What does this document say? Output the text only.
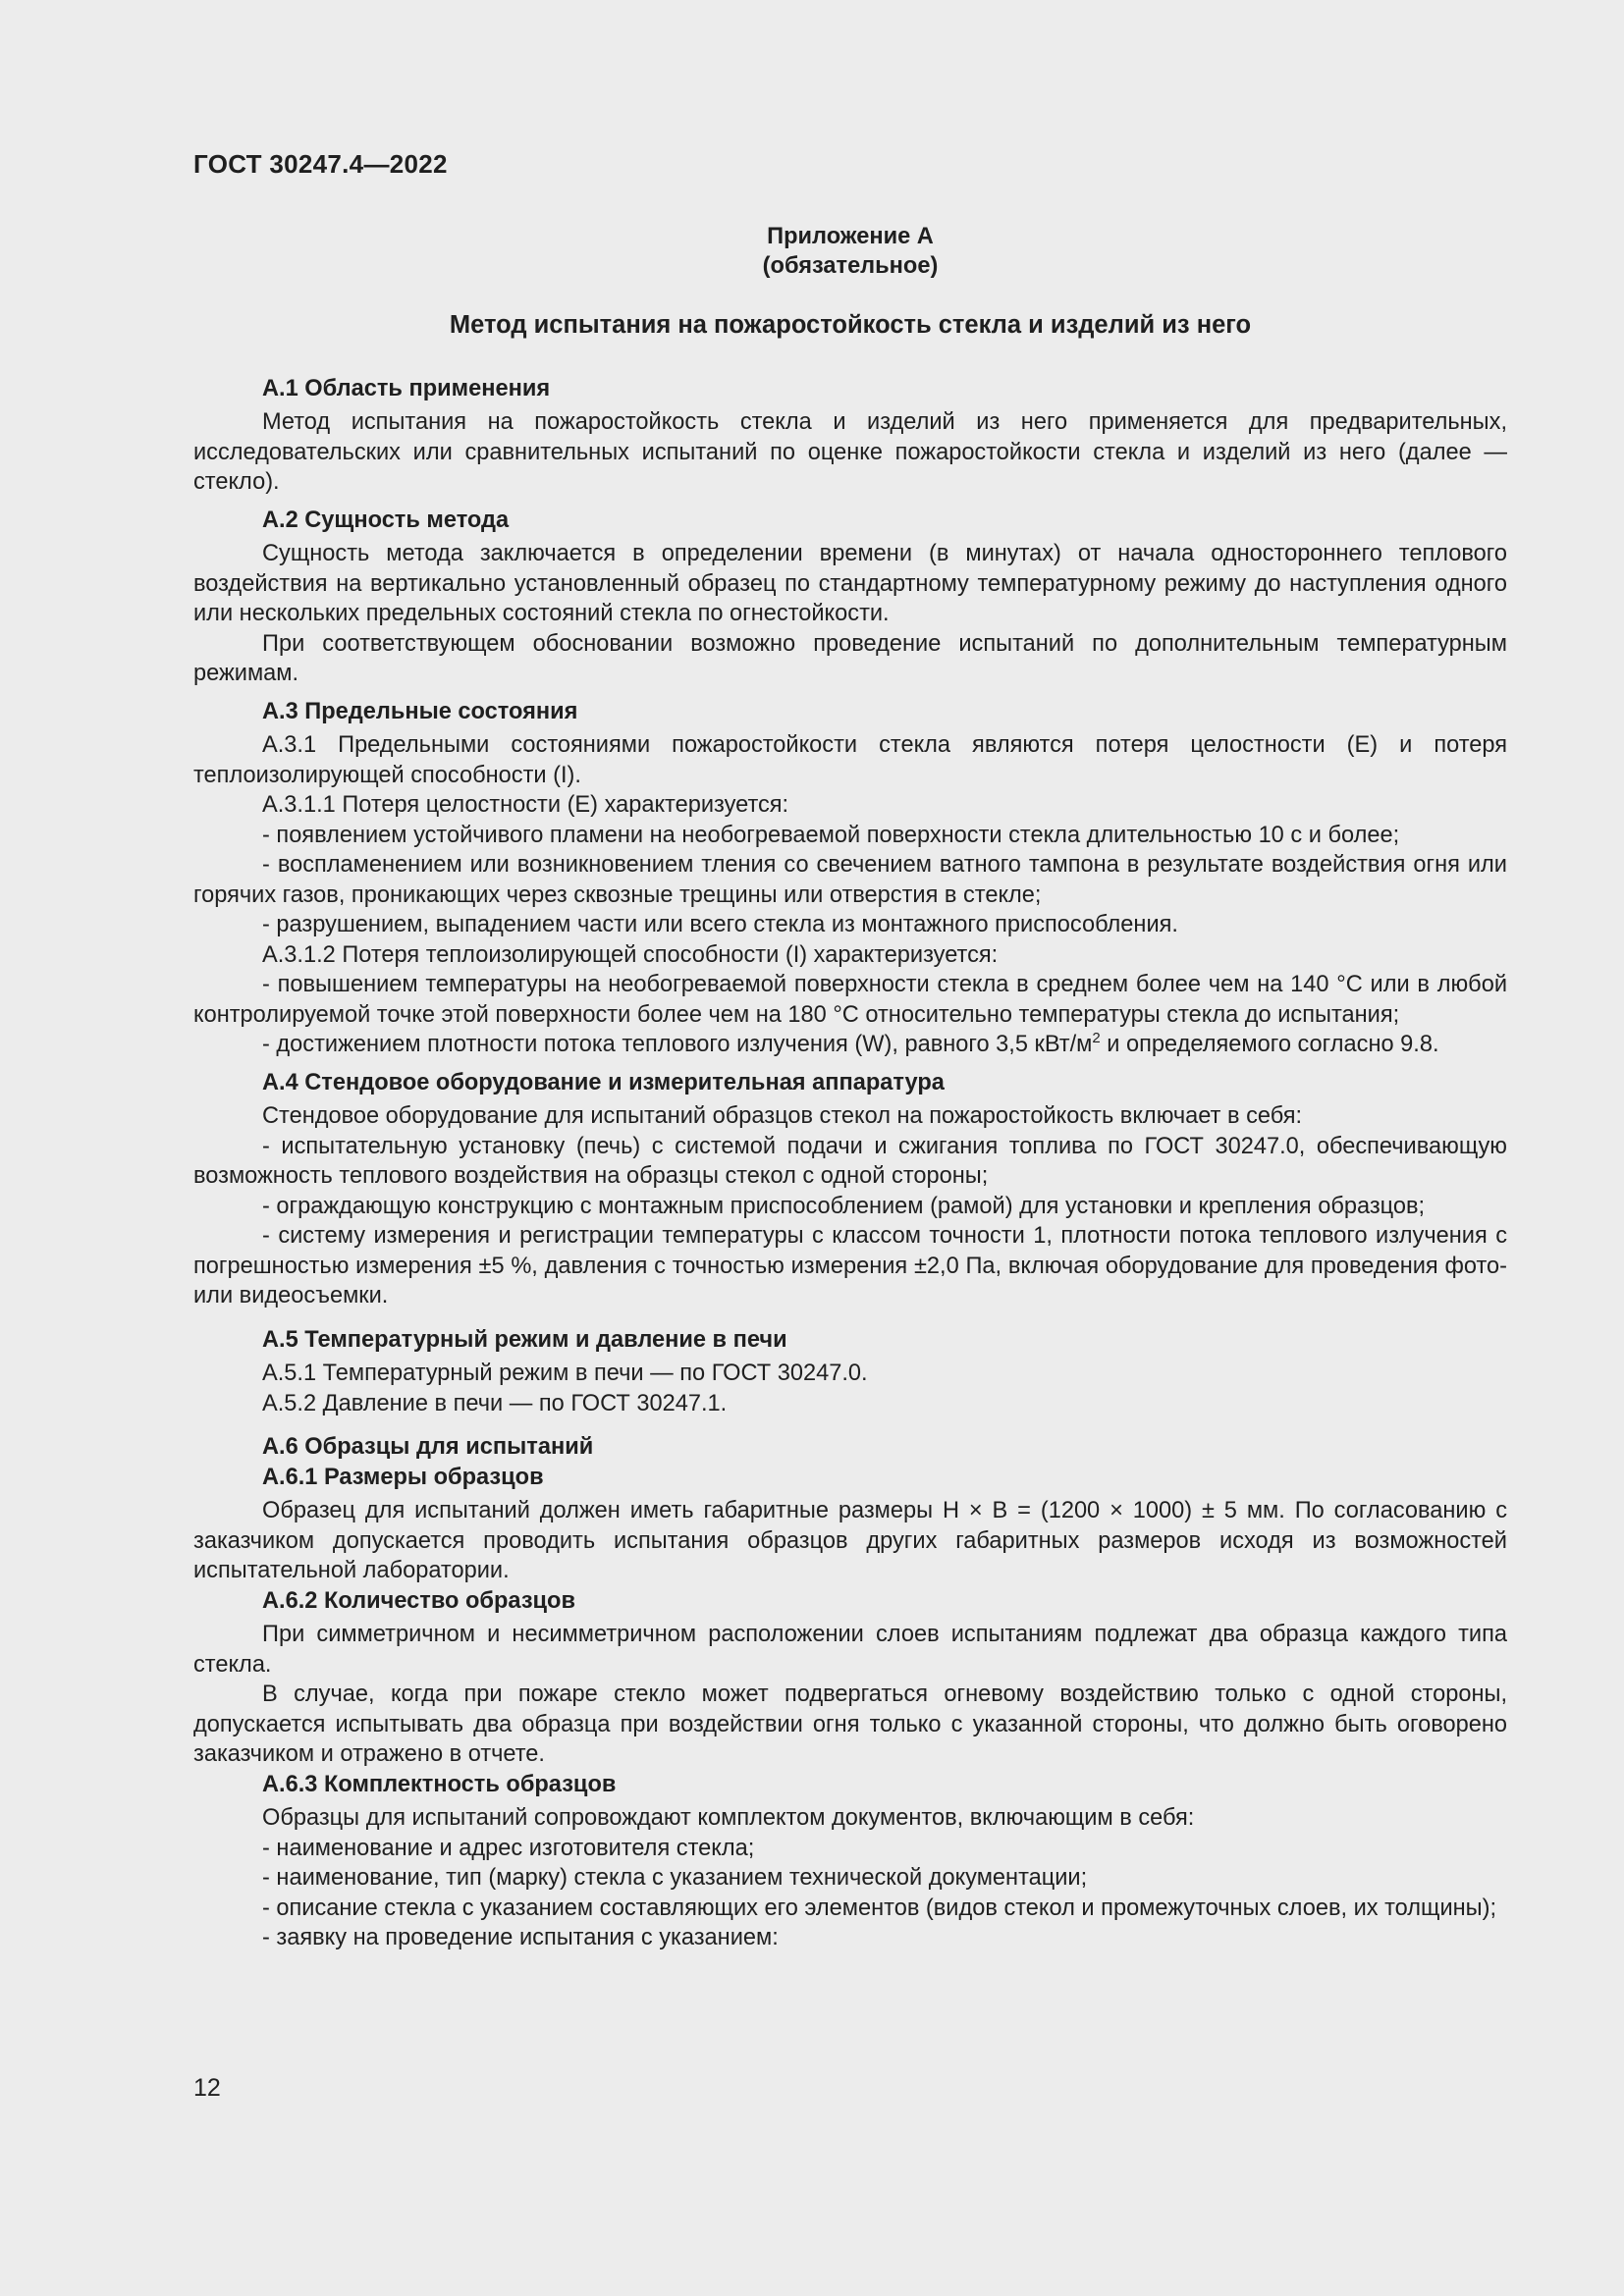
ГОСТ 30247.4—2022
Приложение А
(обязательное)
Метод испытания на пожаростойкость стекла и изделий из него

А.1 Область применения

Метод испытания на пожаростойкость стекла и изделий из него применяется для предварительных, исследовательских или сравнительных испытаний по оценке пожаростойкости стекла и изделий из него (далее — стекло).

А.2 Сущность метода

Сущность метода заключается в определении времени (в минутах) от начала одностороннего теплового воздействия на вертикально установленный образец по стандартному температурному режиму до наступления одного или нескольких предельных состояний стекла по огнестойкости.

При соответствующем обосновании возможно проведение испытаний по дополнительным температурным режимам.

А.3 Предельные состояния

А.3.1 Предельными состояниями пожаростойкости стекла являются потеря целостности (E) и потеря теплоизолирующей способности (I).

А.3.1.1 Потеря целостности (E) характеризуется:

- появлением устойчивого пламени на необогреваемой поверхности стекла длительностью 10 с и более;

- воспламенением или возникновением тления со свечением ватного тампона в результате воздействия огня или горячих газов, проникающих через сквозные трещины или отверстия в стекле;

- разрушением, выпадением части или всего стекла из монтажного приспособления.

А.3.1.2 Потеря теплоизолирующей способности (I) характеризуется:

- повышением температуры на необогреваемой поверхности стекла в среднем более чем на 140 °С или в любой контролируемой точке этой поверхности более чем на 180 °С относительно температуры стекла до испытания;

- достижением плотности потока теплового излучения (W), равного 3,5 кВт/$м^2$ и определяемого согласно 9.8.

А.4 Стендовое оборудование и измерительная аппаратура

Стендовое оборудование для испытаний образцов стекол на пожаростойкость включает в себя:

- испытательную установку (печь) с системой подачи и сжигания топлива по ГОСТ 30247.0, обеспечивающую возможность теплового воздействия на образцы стекол с одной стороны;

- ограждающую конструкцию с монтажным приспособлением (рамой) для установки и крепления образцов;

- систему измерения и регистрации температуры с классом точности 1, плотности потока теплового излучения с погрешностью измерения ±5 %, давления с точностью измерения ±2,0 Па, включая оборудование для проведения фото- или видеосъемки.

А.5 Температурный режим и давление в печи

А.5.1 Температурный режим в печи — по ГОСТ 30247.0.

А.5.2 Давление в печи — по ГОСТ 30247.1.

А.6 Образцы для испытаний

А.6.1 Размеры образцов

Образец для испытаний должен иметь габаритные размеры H × B = (1200 × 1000) ± 5 мм. По согласованию с заказчиком допускается проводить испытания образцов других габаритных размеров исходя из возможностей испытательной лаборатории.

А.6.2 Количество образцов

При симметричном и несимметричном расположении слоев испытаниям подлежат два образца каждого типа стекла.

В случае, когда при пожаре стекло может подвергаться огневому воздействию только с одной стороны, допускается испытывать два образца при воздействии огня только с указанной стороны, что должно быть оговорено заказчиком и отражено в отчете.

А.6.3 Комплектность образцов

Образцы для испытаний сопровождают комплектом документов, включающим в себя:

- наименование и адрес изготовителя стекла;

- наименование, тип (марку) стекла с указанием технической документации;

- описание стекла с указанием составляющих его элементов (видов стекол и промежуточных слоев, их толщины);

- заявку на проведение испытания с указанием:

12
